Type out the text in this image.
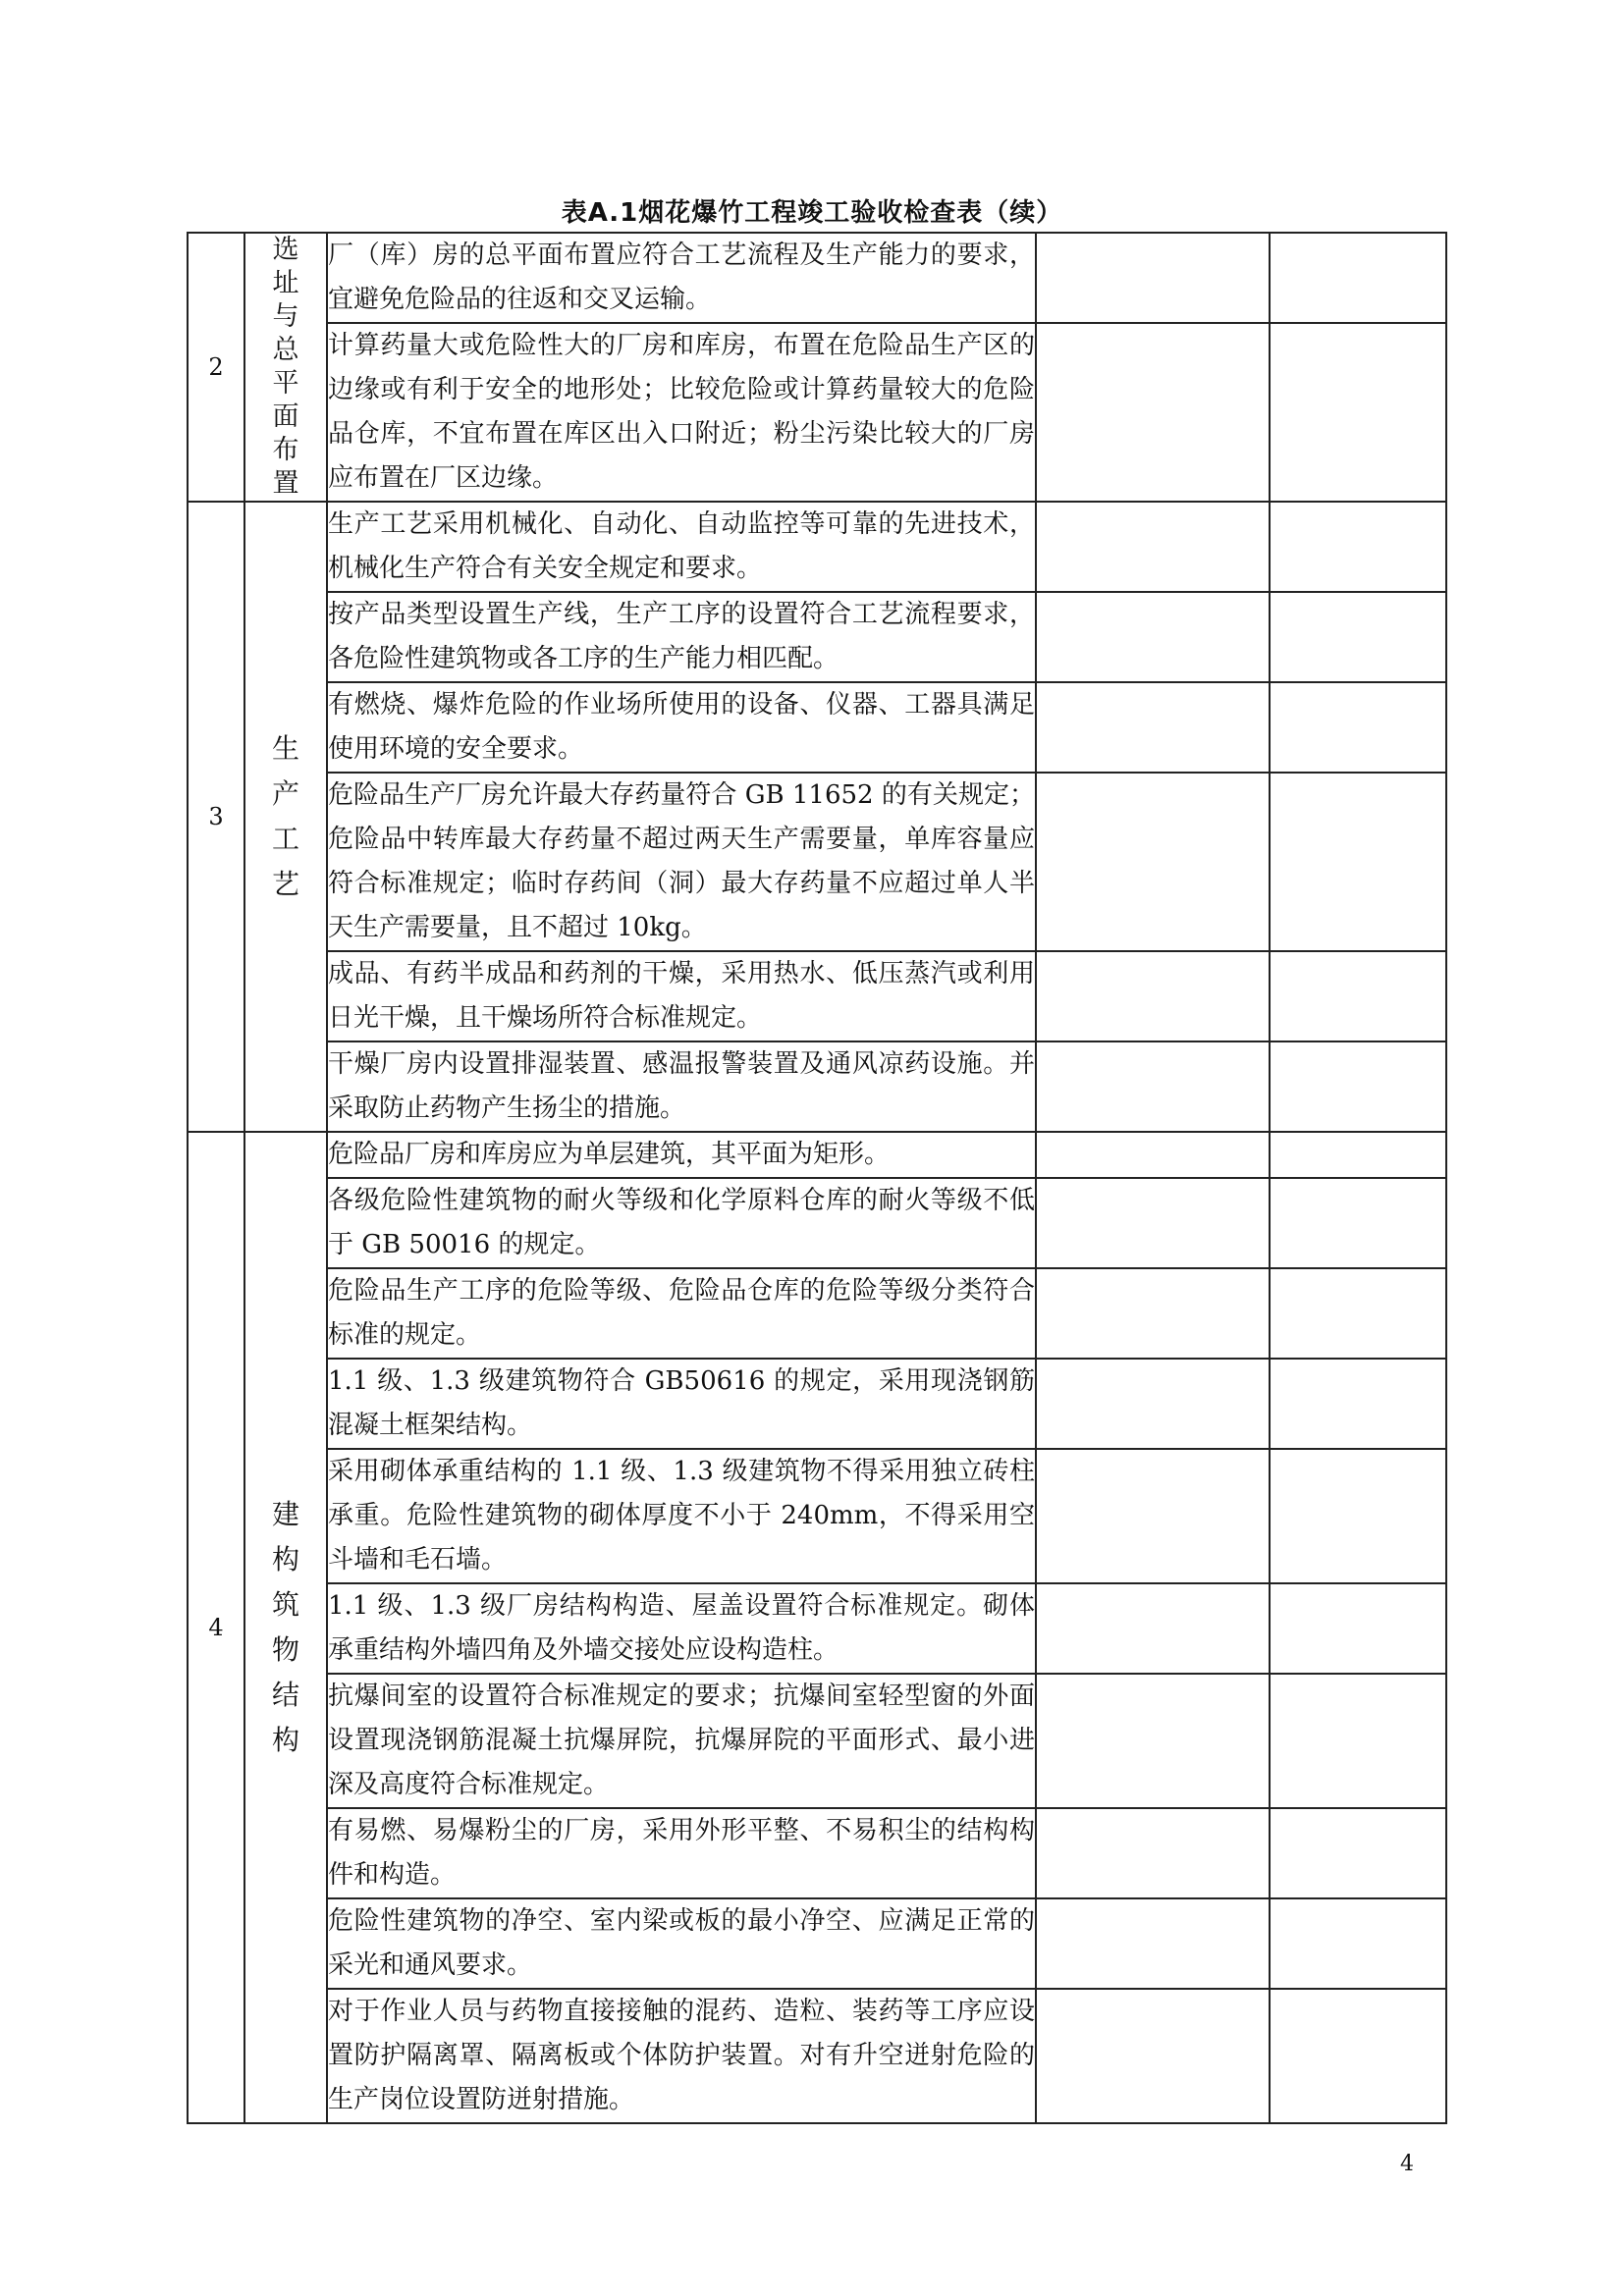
表A.1烟花爆竹工程竣工验收检查表（续）
2	选址与总平面布置	厂（库）房的总平面布置应符合工艺流程及生产能力的要求，宜避免危险品的往返和交叉运输。		
		计算药量大或危险性大的厂房和库房，布置在危险品生产区的边缘或有利于安全的地形处；比较危险或计算药量较大的危险品仓库，不宜布置在库区出入口附近；粉尘污染比较大的厂房应布置在厂区边缘。		
3	生产工艺	生产工艺采用机械化、自动化、自动监控等可靠的先进技术，机械化生产符合有关安全规定和要求。		
		按产品类型设置生产线，生产工序的设置符合工艺流程要求，各危险性建筑物或各工序的生产能力相匹配。		
		有燃烧、爆炸危险的作业场所使用的设备、仪器、工器具满足使用环境的安全要求。		
		危险品生产厂房允许最大存药量符合 GB 11652 的有关规定；危险品中转库最大存药量不超过两天生产需要量，单库容量应符合标准规定；临时存药间（洞）最大存药量不应超过单人半天生产需要量，且不超过 10kg。		
		成品、有药半成品和药剂的干燥，采用热水、低压蒸汽或利用日光干燥，且干燥场所符合标准规定。		
		干燥厂房内设置排湿装置、感温报警装置及通风凉药设施。并采取防止药物产生扬尘的措施。		
4	建构筑物结构	危险品厂房和库房应为单层建筑，其平面为矩形。		
		各级危险性建筑物的耐火等级和化学原料仓库的耐火等级不低于 GB 50016 的规定。		
		危险品生产工序的危险等级、危险品仓库的危险等级分类符合标准的规定。		
		1.1 级、1.3 级建筑物符合 GB50616 的规定，采用现浇钢筋混凝土框架结构。		
		采用砌体承重结构的 1.1 级、1.3 级建筑物不得采用独立砖柱承重。危险性建筑物的砌体厚度不小于 240mm，不得采用空斗墙和毛石墙。		
		1.1 级、1.3 级厂房结构构造、屋盖设置符合标准规定。砌体承重结构外墙四角及外墙交接处应设构造柱。		
		抗爆间室的设置符合标准规定的要求；抗爆间室轻型窗的外面设置现浇钢筋混凝土抗爆屏院，抗爆屏院的平面形式、最小进深及高度符合标准规定。		
		有易燃、易爆粉尘的厂房，采用外形平整、不易积尘的结构构件和构造。		
		危险性建筑物的净空、室内梁或板的最小净空、应满足正常的采光和通风要求。		
		对于作业人员与药物直接接触的混药、造粒、装药等工序应设置防护隔离罩、隔离板或个体防护装置。对有升空迸射危险的生产岗位设置防迸射措施。		
4
